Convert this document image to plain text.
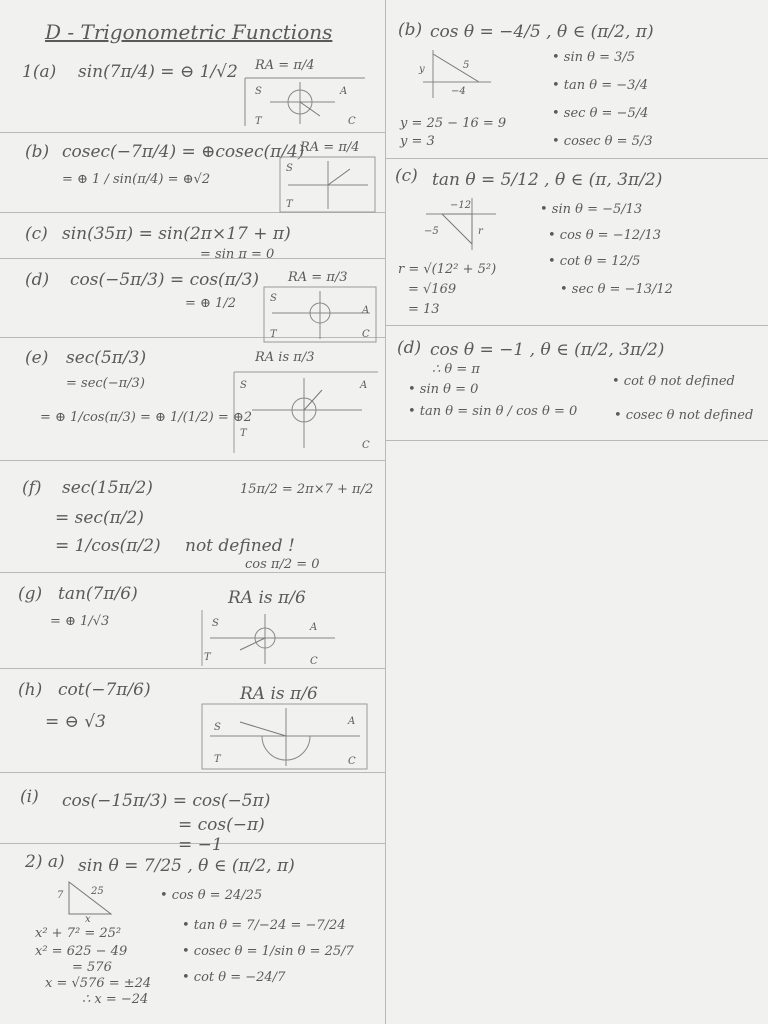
D - Trigonometric Functions
1(a) sin(7π/4) = ⊖ 1/√2 RA = π/4
S	A
T	C
(b) cosec(−7π/4) = ⊕cosec(π/4)
= ⊕ 1 / sin(π/4) = ⊕√2
RA = π/4
S
T
(c) sin(35π) = sin(2π×17 + π)
= sin π = 0
(d) cos(−5π/3) = cos(π/3)
= ⊕ 1/2
RA = π/3
S
A
T	C
(e) sec(5π/3)
= sec(−π/3)
= ⊕ 1/cos(π/3) = ⊕ 1/(1/2) = ⊕2
RA is π/3
S	A
T
C
(f) sec(15π/2)	15π/2 = 2π×7 + π/2
= sec(π/2)
= 1/cos(π/2) not defined !
cos π/2 = 0
(g) tan(7π/6)
= ⊕ 1/√3
RA is π/6
S	A
T	C
(h) cot(−7π/6)
= ⊖ √3
RA is π/6
S
A
T	C
(i) cos(−15π/3) = cos(−5π)
= cos(−π)
= −1
2) a) sin θ = 7/25 , θ ∈ (π/2, π)
7	25
x
• cos θ = 24/25
• tan θ = 7/−24 = −7/24
• cosec θ = 1/sin θ = 25/7
• cot θ = −24/7
x² + 7² = 25²
x² = 625 − 49
= 576
x = √576 = ±24
∴ x = −24
(b) cos θ = −4/5 , θ ∈ (π/2, π)
y	5
−4
• sin θ = 3/5
• tan θ = −3/4
• sec θ = −5/4
• cosec θ = 5/3
y = 25 − 16 = 9
y = 3
(c) tan θ = 5/12 , θ ∈ (π, 3π/2)
−12
−5	r
• sin θ = −5/13
• cos θ = −12/13
• cot θ = 12/5
• sec θ = −13/12
r = √(12² + 5²)
= √169
= 13
(d) cos θ = −1 , θ ∈ (π/2, 3π/2)
∴ θ = π
• sin θ = 0
• tan θ = sin θ / cos θ = 0
• cot θ not defined
• cosec θ not defined
